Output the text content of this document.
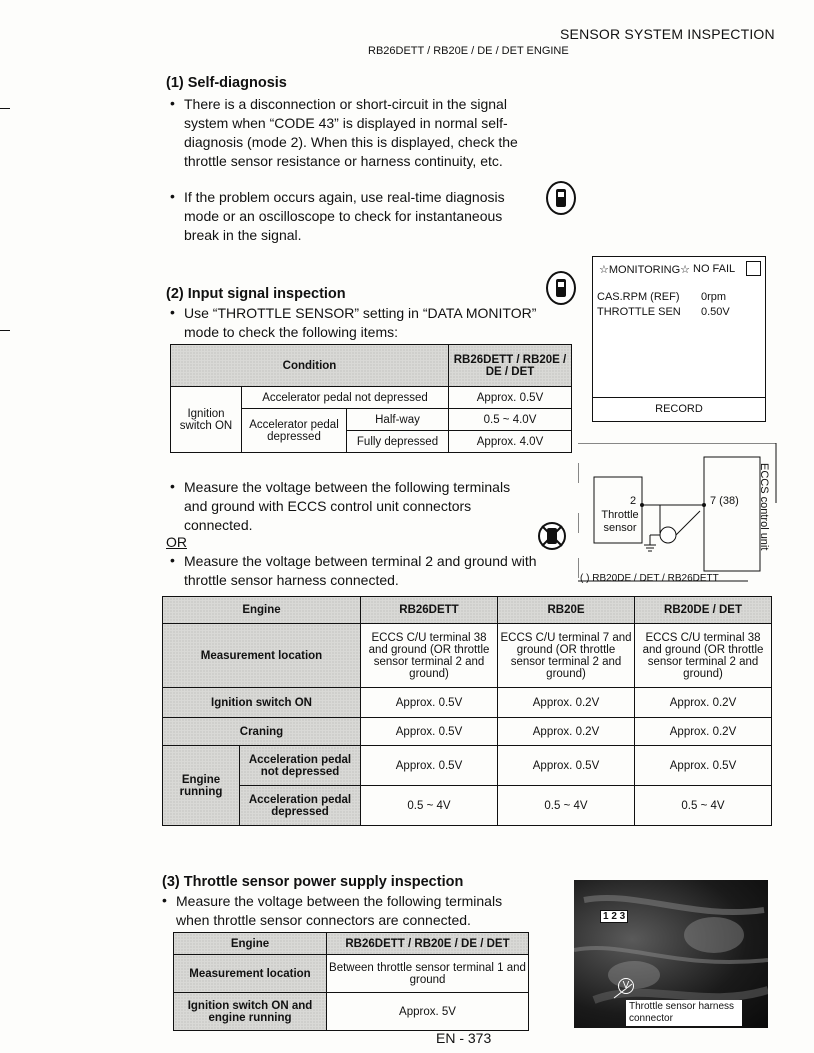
SENSOR SYSTEM INSPECTION
RB26DETT / RB20E / DE / DET ENGINE
(1) Self-diagnosis
• There is a disconnection or short-circuit in the signal
system when “CODE 43” is displayed in normal self-
diagnosis (mode 2). When this is displayed, check the
throttle sensor resistance or harness continuity, etc.
• If the problem occurs again, use real-time diagnosis
mode or an oscilloscope to check for instantaneous
break in the signal.
(2) Input signal inspection
• Use “THROTTLE SENSOR” setting in “DATA MONITOR”
mode to check the following items:
Condition			RB26DETT / RB20E / DE / DET
Ignition switch ON	Accelerator pedal not depressed		Approx. 0.5V
	Accelerator pedal depressed	Half-way	0.5 ~ 4.0V
		Fully depressed	Approx. 4.0V
• Measure the voltage between the following terminals
and ground with ECCS control unit connectors
connected.
OR
• Measure the voltage between terminal 2 and ground with
throttle sensor harness connected.
☆MONITORING☆ NO FAIL
CAS.RPM (REF) 0rpm
THROTTLE SEN 0.50V
RECORD
2
Throttle sensor
7 (38) ECCS control unit
( ) RB20DE / DET / RB26DETT
Engine		RB26DETT	RB20E	RB20DE / DET
Measurement location		ECCS C/U terminal 38 and ground (OR throttle sensor terminal 2 and ground)	ECCS C/U terminal 7 and ground (OR throttle sensor terminal 2 and ground)	ECCS C/U terminal 38 and ground (OR throttle sensor terminal 2 and ground)
Ignition switch ON		Approx. 0.5V	Approx. 0.2V	Approx. 0.2V
Craning		Approx. 0.5V	Approx. 0.2V	Approx. 0.2V
Engine running	Acceleration pedal not depressed	Approx. 0.5V	Approx. 0.5V	Approx. 0.5V
	Acceleration pedal depressed	0.5 ~ 4V	0.5 ~ 4V	0.5 ~ 4V
(3) Throttle sensor power supply inspection
• Measure the voltage between the following terminals
when throttle sensor connectors are connected.
Engine	RB26DETT / RB20E / DE / DET
Measurement location	Between throttle sensor terminal 1 and ground
Ignition switch ON and engine running	Approx. 5V
1 2 3
V
Throttle sensor harness connector
EN - 373
